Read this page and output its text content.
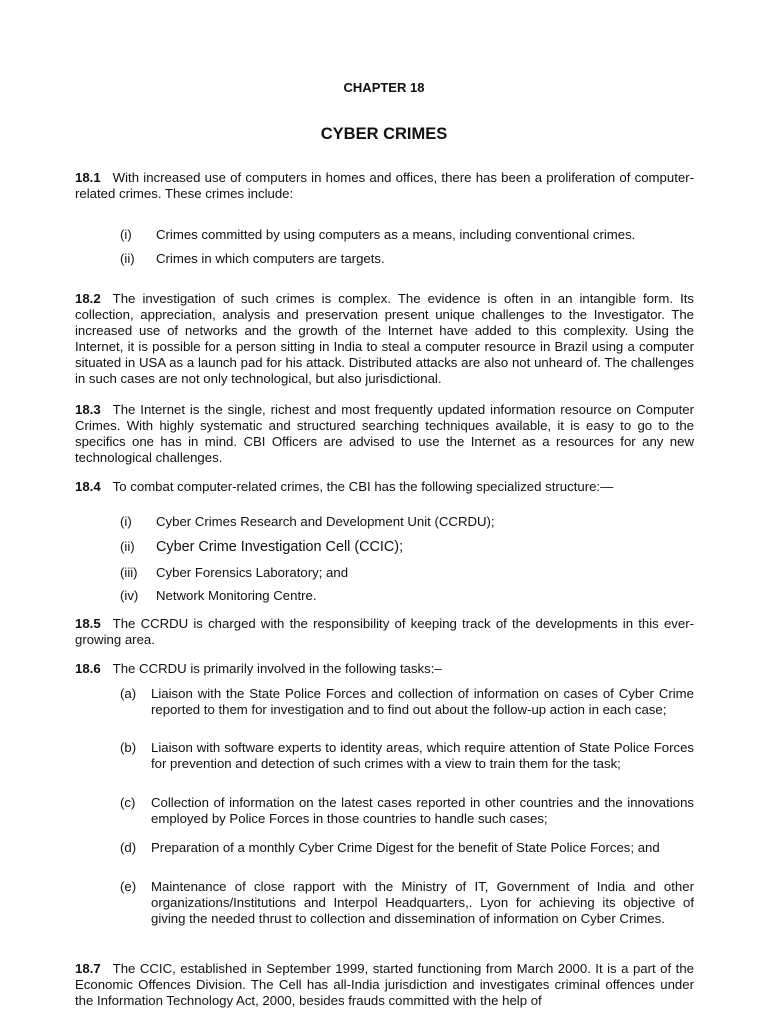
CHAPTER 18
CYBER CRIMES
18.1 With increased use of computers in homes and offices, there has been a proliferation of computer-related crimes. These crimes include:
(i) Crimes committed by using computers as a means, including conventional crimes.
(ii) Crimes in which computers are targets.
18.2 The investigation of such crimes is complex. The evidence is often in an intangible form. Its collection, appreciation, analysis and preservation present unique challenges to the Investigator. The increased use of networks and the growth of the Internet have added to this complexity. Using the Internet, it is possible for a person sitting in India to steal a computer resource in Brazil using a computer situated in USA as a launch pad for his attack. Distributed attacks are also not unheard of. The challenges in such cases are not only technological, but also jurisdictional.
18.3 The Internet is the single, richest and most frequently updated information resource on Computer Crimes. With highly systematic and structured searching techniques available, it is easy to go to the specifics one has in mind. CBI Officers are advised to use the Internet as a resources for any new technological challenges.
18.4 To combat computer-related crimes, the CBI has the following specialized structure:—
(i) Cyber Crimes Research and Development Unit (CCRDU);
(ii) Cyber Crime Investigation Cell (CCIC);
(iii) Cyber Forensics Laboratory; and
(iv) Network Monitoring Centre.
18.5 The CCRDU is charged with the responsibility of keeping track of the developments in this ever-growing area.
18.6 The CCRDU is primarily involved in the following tasks:–
(a) Liaison with the State Police Forces and collection of information on cases of Cyber Crime reported to them for investigation and to find out about the follow-up action in each case;
(b) Liaison with software experts to identity areas, which require attention of State Police Forces for prevention and detection of such crimes with a view to train them for the task;
(c) Collection of information on the latest cases reported in other countries and the innovations employed by Police Forces in those countries to handle such cases;
(d) Preparation of a monthly Cyber Crime Digest for the benefit of State Police Forces; and
(e) Maintenance of close rapport with the Ministry of IT, Government of India and other organizations/Institutions and Interpol Headquarters,. Lyon for achieving its objective of giving the needed thrust to collection and dissemination of information on Cyber Crimes.
18.7 The CCIC, established in September 1999, started functioning from March 2000. It is a part of the Economic Offences Division. The Cell has all-India jurisdiction and investigates criminal offences under the Information Technology Act, 2000, besides frauds committed with the help of
